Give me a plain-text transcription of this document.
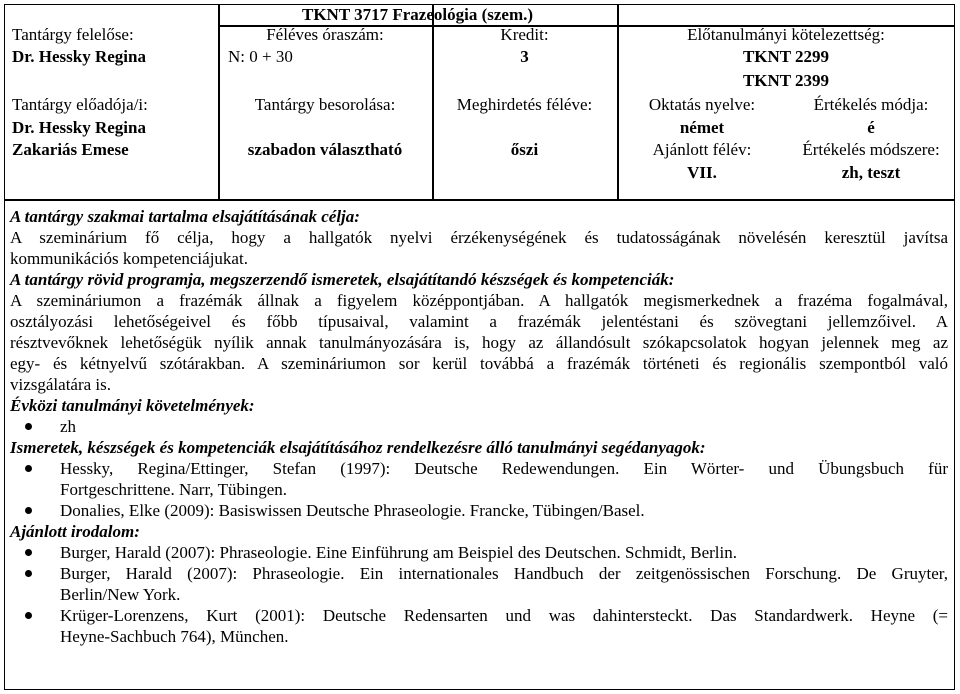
TKNT 3717 Frazeológia (szem.)
Tantárgy felelőse:
Dr. Hessky Regina
Féléves óraszám:
N: 0 + 30
Kredit:
3
Előtanulmányi kötelezettség:
TKNT 2299
TKNT 2399
Tantárgy előadója/i:
Dr. Hessky Regina
Zakariás Emese
Tantárgy besorolása:
szabadon választható
Meghirdetés féléve:
őszi
Oktatás nyelve:
német
Ajánlott félév:
VII.
Értékelés módja:
é
Értékelés módszere:
zh, teszt
A tantárgy szakmai tartalma elsajátításának célja:
A szeminárium fő célja, hogy a hallgatók nyelvi érzékenységének és tudatosságának növelésén keresztül javítsa
kommunikációs kompetenciájukat.
A tantárgy rövid programja, megszerzendő ismeretek, elsajátítandó készségek és kompetenciák:
A szemináriumon a frazémák állnak a figyelem középpontjában. A hallgatók megismerkednek a frazéma fogalmával,
osztályozási lehetőségeivel és főbb típusaival, valamint a frazémák jelentéstani és szövegtani jellemzőivel. A
résztvevőknek lehetőségük nyílik annak tanulmányozására is, hogy az állandósult szókapcsolatok hogyan jelennek meg az
egy- és kétnyelvű szótárakban. A szemináriumon sor kerül továbbá a frazémák történeti és regionális szempontból való
vizsgálatára is.
Évközi tanulmányi követelmények:
zh
Ismeretek, készségek és kompetenciák elsajátításához rendelkezésre álló tanulmányi segédanyagok:
Hessky, Regina/Ettinger, Stefan (1997): Deutsche Redewendungen. Ein Wörter- und Übungsbuch für
Fortgeschrittene. Narr, Tübingen.
Donalies, Elke (2009): Basiswissen Deutsche Phraseologie. Francke, Tübingen/Basel.
Ajánlott irodalom:
Burger, Harald (2007): Phraseologie. Eine Einführung am Beispiel des Deutschen. Schmidt, Berlin.
Burger, Harald (2007): Phraseologie. Ein internationales Handbuch der zeitgenössischen Forschung. De Gruyter,
Berlin/New York.
Krüger-Lorenzens, Kurt (2001): Deutsche Redensarten und was dahintersteckt. Das Standardwerk. Heyne (=
Heyne-Sachbuch 764), München.
